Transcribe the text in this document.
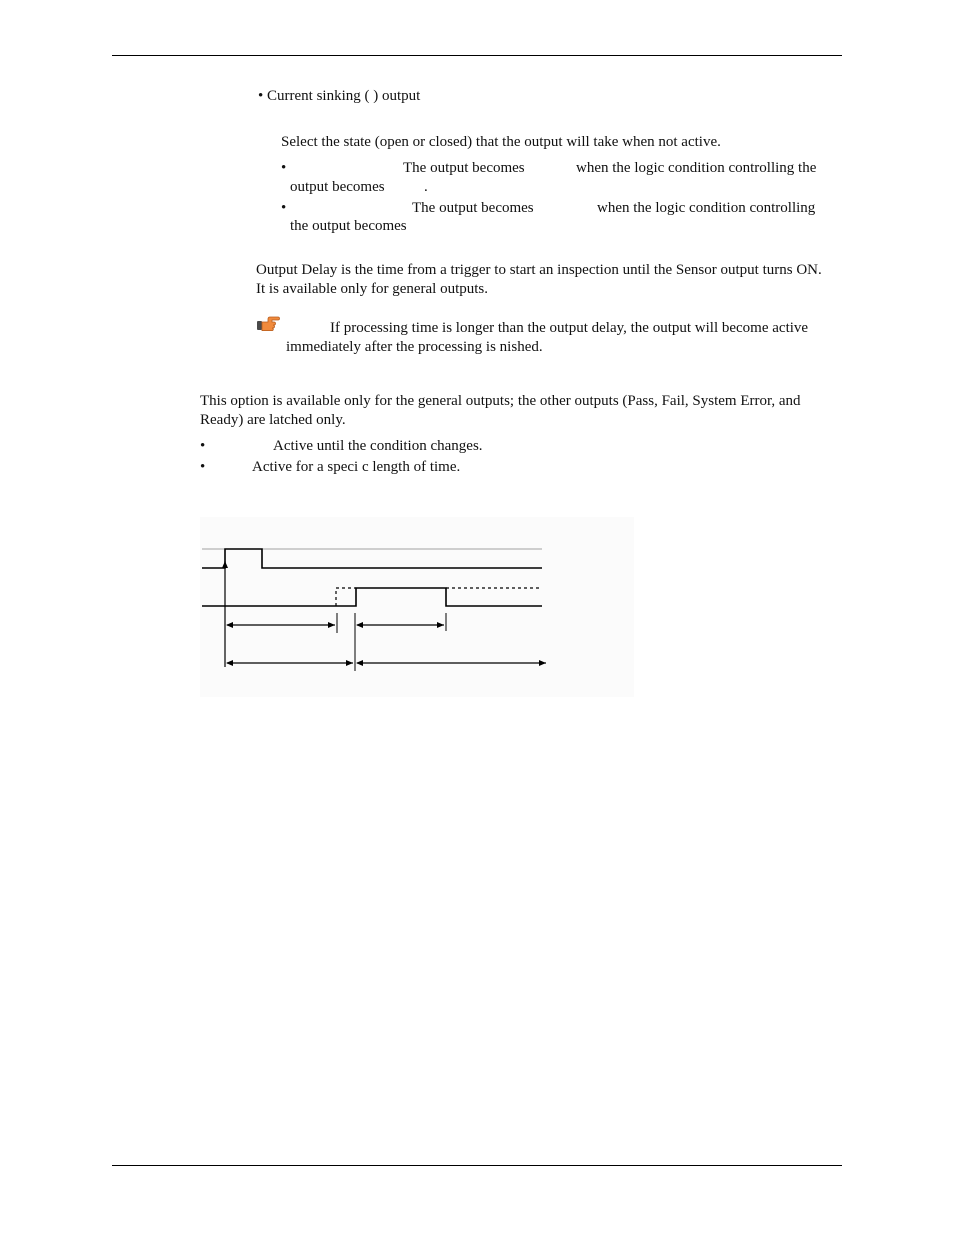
• Current sinking ( ) output
Select the state (open or closed) that the output will take when not active.
•	The output becomes	when the logic condition controlling the
output becomes	.
•	The output becomes	when the logic condition controlling
the output becomes
Output Delay is the time from a trigger to start an inspection until the Sensor output turns ON.
It is available only for general outputs.
If processing time is longer than the output delay, the output will become active
immediately after the processing is nished.
This option is available only for the general outputs; the other outputs (Pass, Fail, System Error, and
Ready) are latched only.
•	Active until the condition changes.
•	Active for a speci c length of time.
